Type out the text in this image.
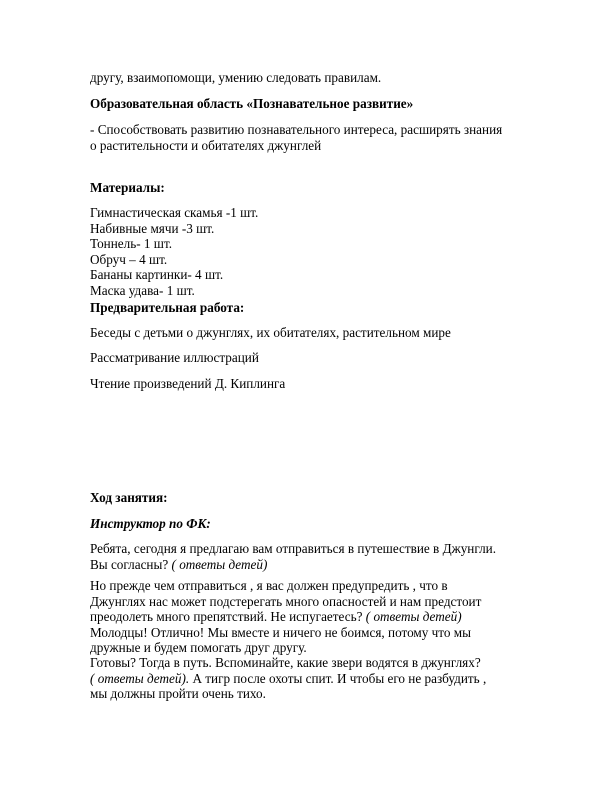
другу, взаимопомощи, умению следовать правилам.

Образовательная область «Познавательное развитие»

- Способствовать развитию познавательного интереса, расширять знания
о растительности и обитателях джунглей

Материалы:

Гимнастическая скамья -1 шт.
Набивные мячи -3 шт.
Тоннель- 1 шт.
Обруч – 4 шт.
Бананы картинки- 4 шт.
Маска удава- 1 шт.

Предварительная работа:

Беседы с детьми о джунглях, их обитателях, растительном мире

Рассматривание иллюстраций

Чтение произведений Д. Киплинга

Ход занятия:

Инструктор по ФК:

Ребята, сегодня я предлагаю вам отправиться в путешествие в Джунгли.
Вы согласны? ( ответы детей)

Но прежде чем отправиться , я вас должен предупредить , что в
Джунглях нас может подстерегать много опасностей и нам предстоит
преодолеть много препятствий. Не испугаетесь? ( ответы детей)
Молодцы! Отлично! Мы вместе и ничего не боимся, потому что мы
дружные и будем помогать друг другу.

Готовы? Тогда в путь. Вспоминайте, какие звери водятся в джунглях?
( ответы детей). А тигр после охоты спит. И чтобы его не разбудить ,
мы должны пройти очень тихо.
